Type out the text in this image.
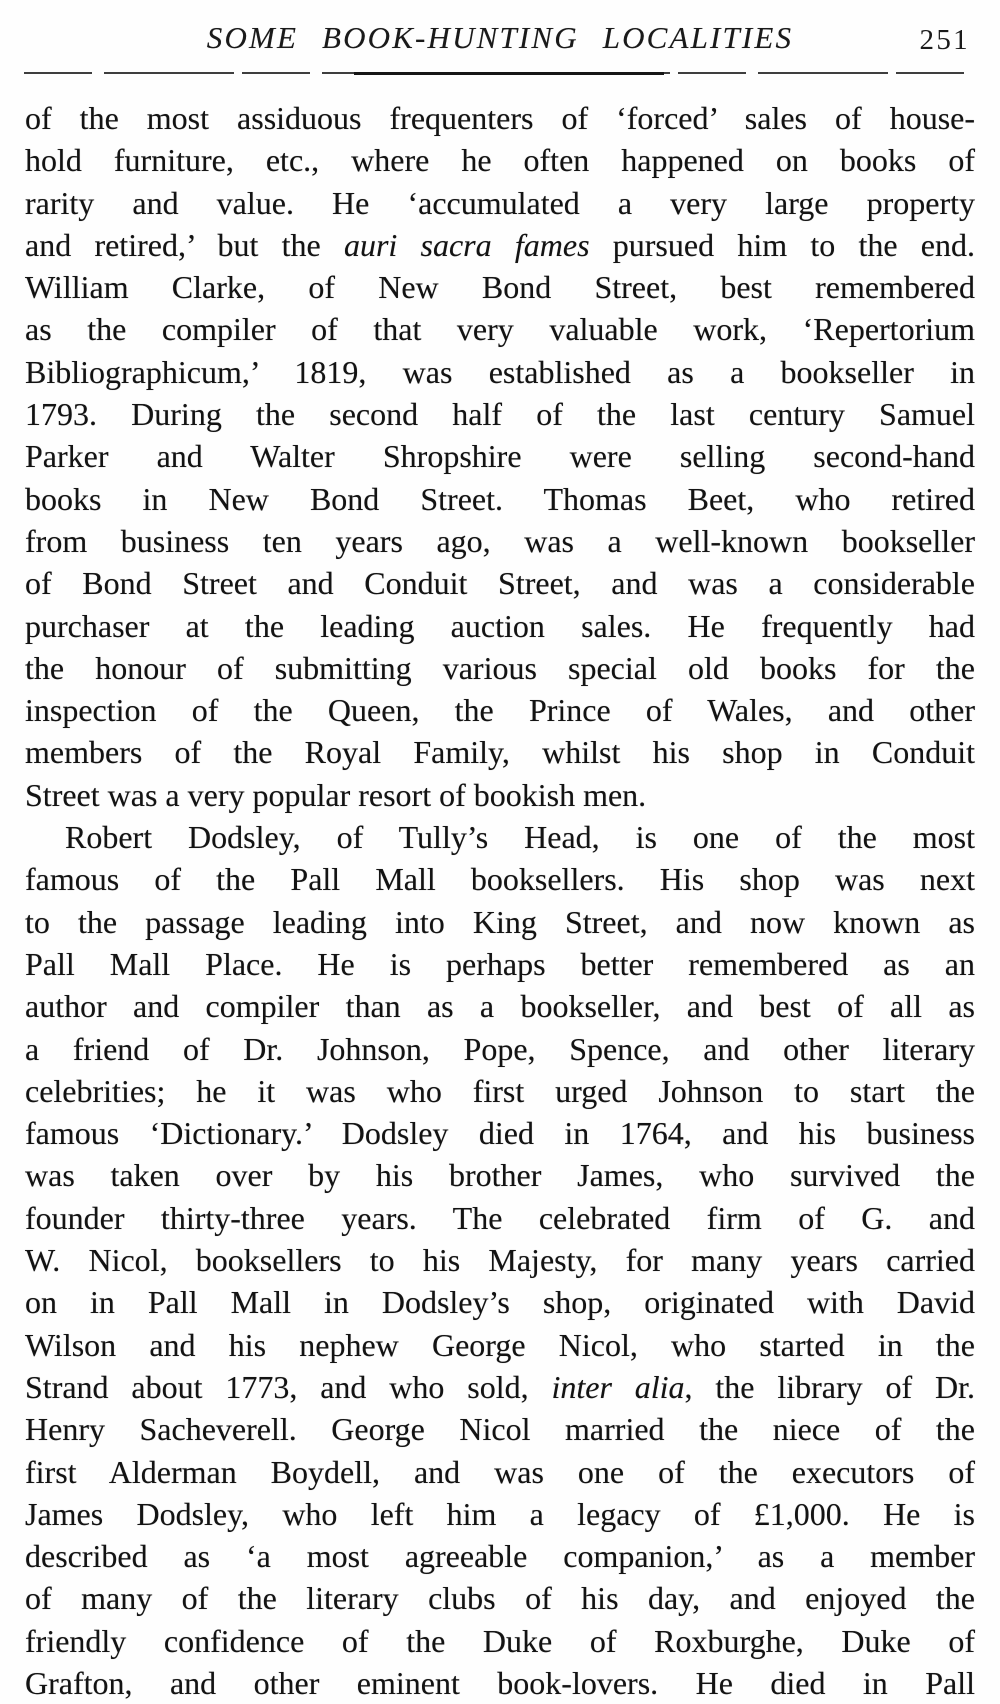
SOME BOOK-HUNTING LOCALITIES	251
of the most assiduous frequenters of ‘forced’ sales of house-
hold furniture, etc., where he often happened on books of
rarity and value. He ‘accumulated a very large property
and retired,’ but the auri sacra fames pursued him to the end.
William Clarke, of New Bond Street, best remembered
as the compiler of that very valuable work, ‘Repertorium
Bibliographicum,’ 1819, was established as a bookseller in
1793. During the second half of the last century Samuel
Parker and Walter Shropshire were selling second-hand
books in New Bond Street. Thomas Beet, who retired
from business ten years ago, was a well-known bookseller
of Bond Street and Conduit Street, and was a considerable
purchaser at the leading auction sales. He frequently had
the honour of submitting various special old books for the
inspection of the Queen, the Prince of Wales, and other
members of the Royal Family, whilst his shop in Conduit
Street was a very popular resort of bookish men.
Robert Dodsley, of Tully’s Head, is one of the most
famous of the Pall Mall booksellers. His shop was next
to the passage leading into King Street, and now known as
Pall Mall Place. He is perhaps better remembered as an
author and compiler than as a bookseller, and best of all as
a friend of Dr. Johnson, Pope, Spence, and other literary
celebrities; he it was who first urged Johnson to start the
famous ‘Dictionary.’ Dodsley died in 1764, and his business
was taken over by his brother James, who survived the
founder thirty-three years. The celebrated firm of G. and
W. Nicol, booksellers to his Majesty, for many years carried
on in Pall Mall in Dodsley’s shop, originated with David
Wilson and his nephew George Nicol, who started in the
Strand about 1773, and who sold, inter alia, the library of Dr.
Henry Sacheverell. George Nicol married the niece of the
first Alderman Boydell, and was one of the executors of
James Dodsley, who left him a legacy of £1,000. He is
described as ‘a most agreeable companion,’ as a member
of many of the literary clubs of his day, and enjoyed the
friendly confidence of the Duke of Roxburghe, Duke of
Grafton, and other eminent book-lovers. He died in Pall
